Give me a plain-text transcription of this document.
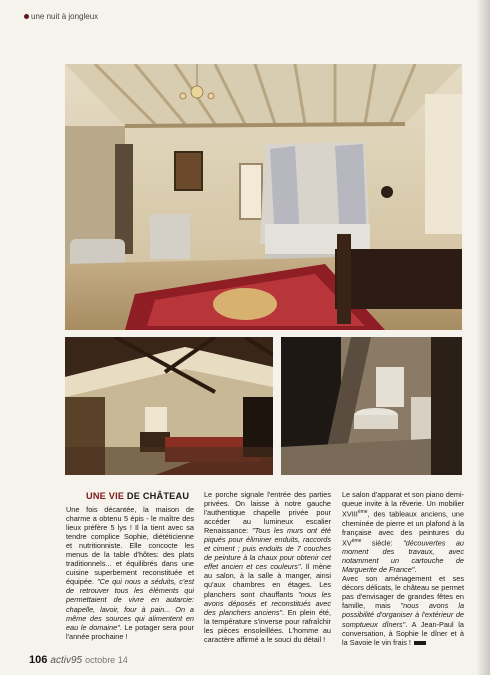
une nuit à jongleux
UNE VIE DE CHÂTEAU

Une fois décantée, la maison de charme a obtenu 5 épis - le maître des lieux préfère 5 lys ! Il la tient avec sa tendre complice Sophie, diététicienne et nutritionniste. Elle concocte les menus de la table d'hôtes: des plats traditionnels... et équilibrés dans une cuisine superbement reconstituée et équipée. "Ce qui nous a séduits, c'est de retrouver tous les éléments qui permettaient de vivre en autarcie: chapelle, lavoir, four à pain... On a même des sources qui alimentent en eau le domaine". Le potager sera pour l'année prochaine !

Le porche signale l'entrée des parties privées. On laisse à notre gauche l'authentique chapelle privée pour accéder au lumineux escalier Renaissance: "Tous les murs ont été piqués pour éliminer enduits, raccords et ciment ; puis enduits de 7 couches de peinture à la chaux pour obtenir cet effet ancien et ces couleurs". Il mène au salon, à la salle à manger, ainsi qu'aux chambres en étages. Les planchers sont chauffants "nous les avons déposés et reconstitués avec des planchers anciens". En plein été, la température s'inverse pour rafraîchir les pièces ensoleillées. L'homme au caractère affirmé a le souci du détail !

Le salon d'apparat et son piano demi-queue invite à la rêverie. Un mobilier XVIIIème, des tableaux anciens, une cheminée de pierre et un plafond à la française avec des peintures du XVème siècle: "découvertes au moment des travaux, avec notamment un cartouche de Marguerite de France".

Avec son aménagement et ses décors délicats, le château se permet pas d'envisager de grandes fêtes en famille, mais "nous avons la possibilité d'organiser à l'extérieur de somptueux dîners". A Jean-Paul la conversation, à Sophie le dîner et à la Savoie le vin frais !

106 activ95 octobre 14
